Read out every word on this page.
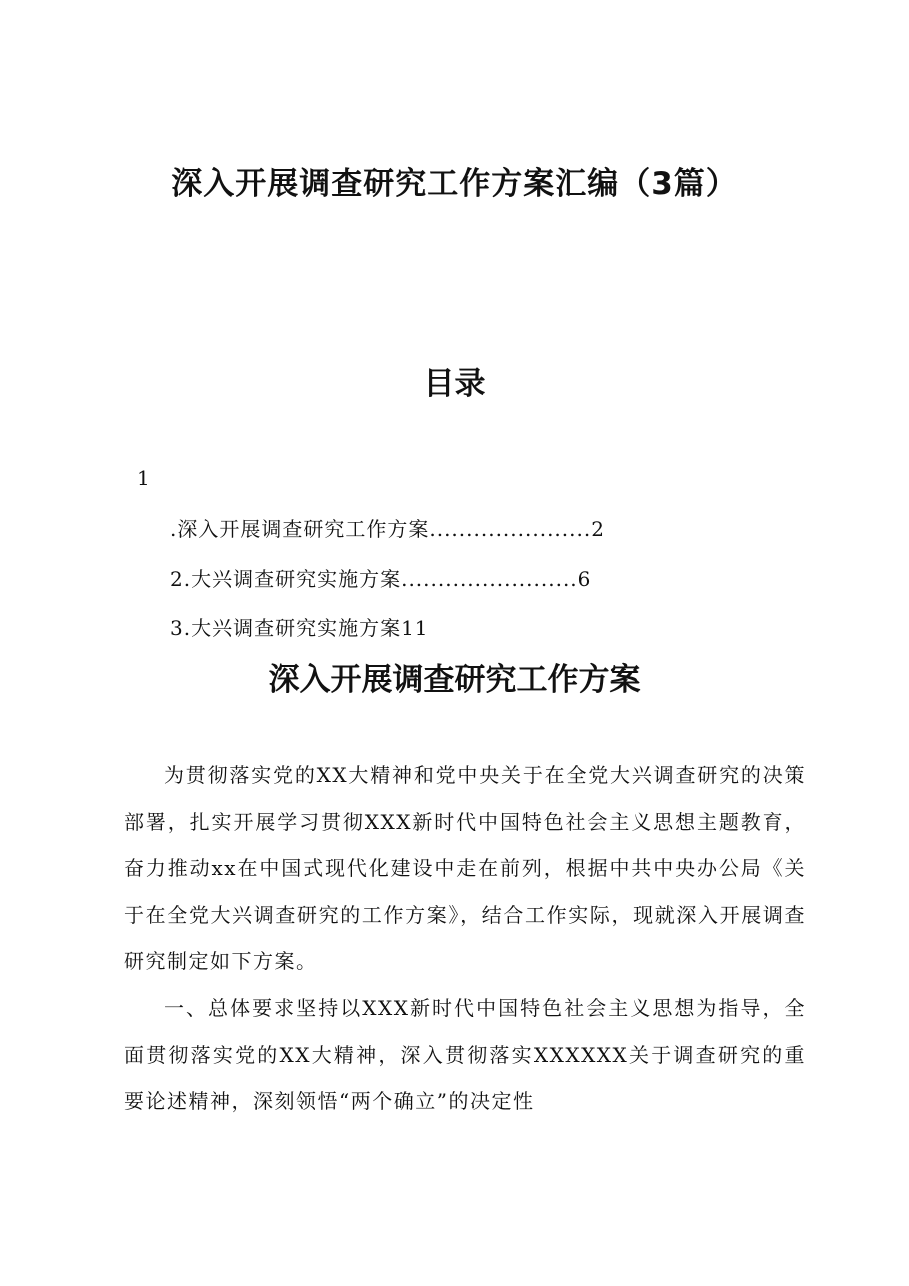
深入开展调查研究工作方案汇编（3篇）
目录
1
.深入开展调查研究工作方案......................2
2.大兴调查研究实施方案........................6
3.大兴调查研究实施方案11
深入开展调查研究工作方案

为贯彻落实党的XX大精神和党中央关于在全党大兴调查研究的决策部署，扎实开展学习贯彻XXX新时代中国特色社会主义思想主题教育，奋力推动xx在中国式现代化建设中走在前列，根据中共中央办公局《关于在全党大兴调查研究的工作方案》，结合工作实际，现就深入开展调查研究制定如下方案。

一、总体要求坚持以XXX新时代中国特色社会主义思想为指导，全面贯彻落实党的XX大精神，深入贯彻落实XXXXXX关于调查研究的重要论述精神，深刻领悟“两个确立”的决定性
